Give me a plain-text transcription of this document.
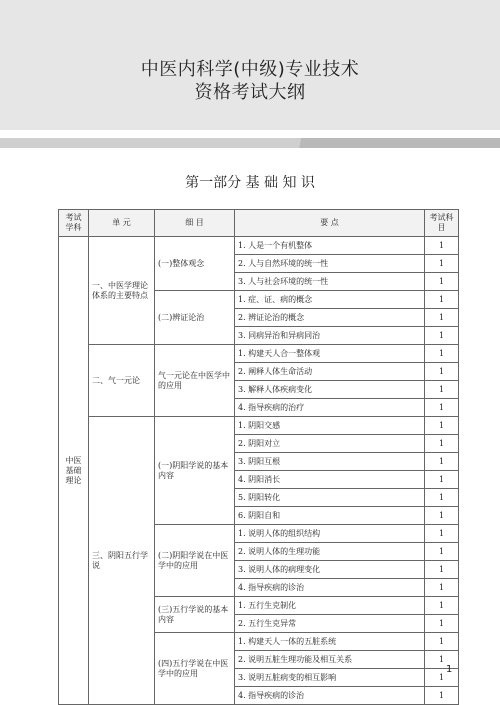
中医内科学(中级)专业技术
资格考试大纲
第一部分 基 础 知 识
考试学科	单 元	细 目	要 点	考试科目
中医基础理论	一、中医学理论体系的主要特点	(一)整体观念	1. 人是一个有机整体	1
			2. 人与自然环境的统一性	1
			3. 人与社会环境的统一性	1
		(二)辨证论治	1. 症、证、病的概念	1
			2. 辨证论治的概念	1
			3. 同病异治和异病同治	1
	二、气一元论	气一元论在中医学中的应用	1. 构建天人合一整体观	1
			2. 阐释人体生命活动	1
			3. 解释人体疾病变化	1
			4. 指导疾病的治疗	1
	三、阴阳五行学说	(一)阴阳学说的基本内容	1. 阴阳交感	1
			2. 阴阳对立	1
			3. 阴阳互根	1
			4. 阴阳消长	1
			5. 阴阳转化	1
			6. 阴阳自和	1
		(二)阴阳学说在中医学中的应用	1. 说明人体的组织结构	1
			2. 说明人体的生理功能	1
			3. 说明人体的病理变化	1
			4. 指导疾病的诊治	1
		(三)五行学说的基本内容	1. 五行生克制化	1
			2. 五行生克异常	1
		(四)五行学说在中医学中的应用	1. 构建天人一体的五脏系统	1
			2. 说明五脏生理功能及相互关系	1
			3. 说明五脏病变的相互影响	1
			4. 指导疾病的诊治	1
1
